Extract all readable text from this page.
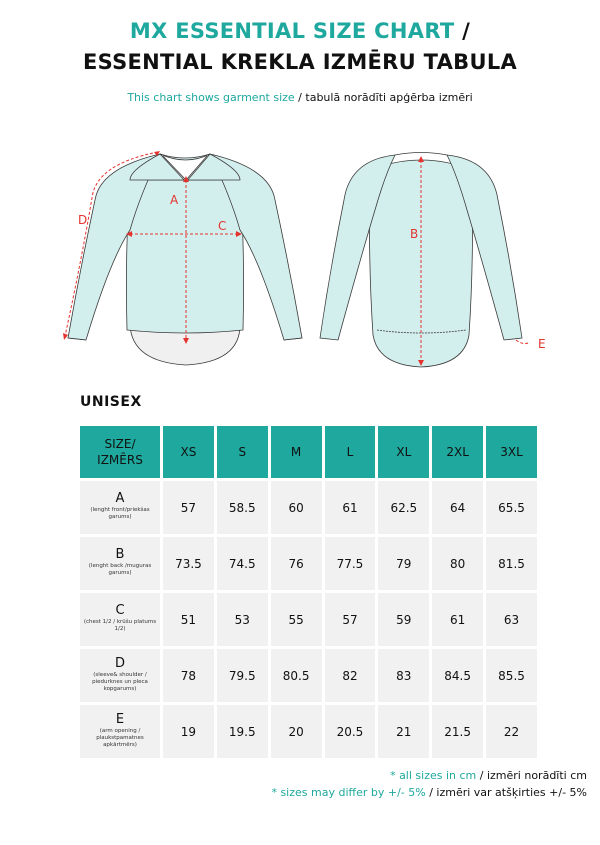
MX ESSENTIAL SIZE CHART /
ESSENTIAL KREKLA IZMĒRU TABULA
This chart shows garment size / tabulā norādīti apģērba izmēri
A
C
D
B
E
UNISEX
SIZE/
IZMĒRS	XS	S	M	L	XL	2XL	3XL

A
(lenght front/priekšas garums)	57	58.5	60	61	62.5	64	65.5

B
(lenght back /muguras garums)	73.5	74.5	76	77.5	79	80	81.5

C
(chest 1/2 / krūšu platums 1/2)	51	53	55	57	59	61	63

D
(sleeve& shoulder / piedurknes un pleca kopgarums)	78	79.5	80.5	82	83	84.5	85.5

E
(arm opening / plaukstpamatnes apkārtmērs)	19	19.5	20	20.5	21	21.5	22
* all sizes in cm / izmēri norādīti cm
* sizes may differ by +/- 5% / izmēri var atšķirties +/- 5%
